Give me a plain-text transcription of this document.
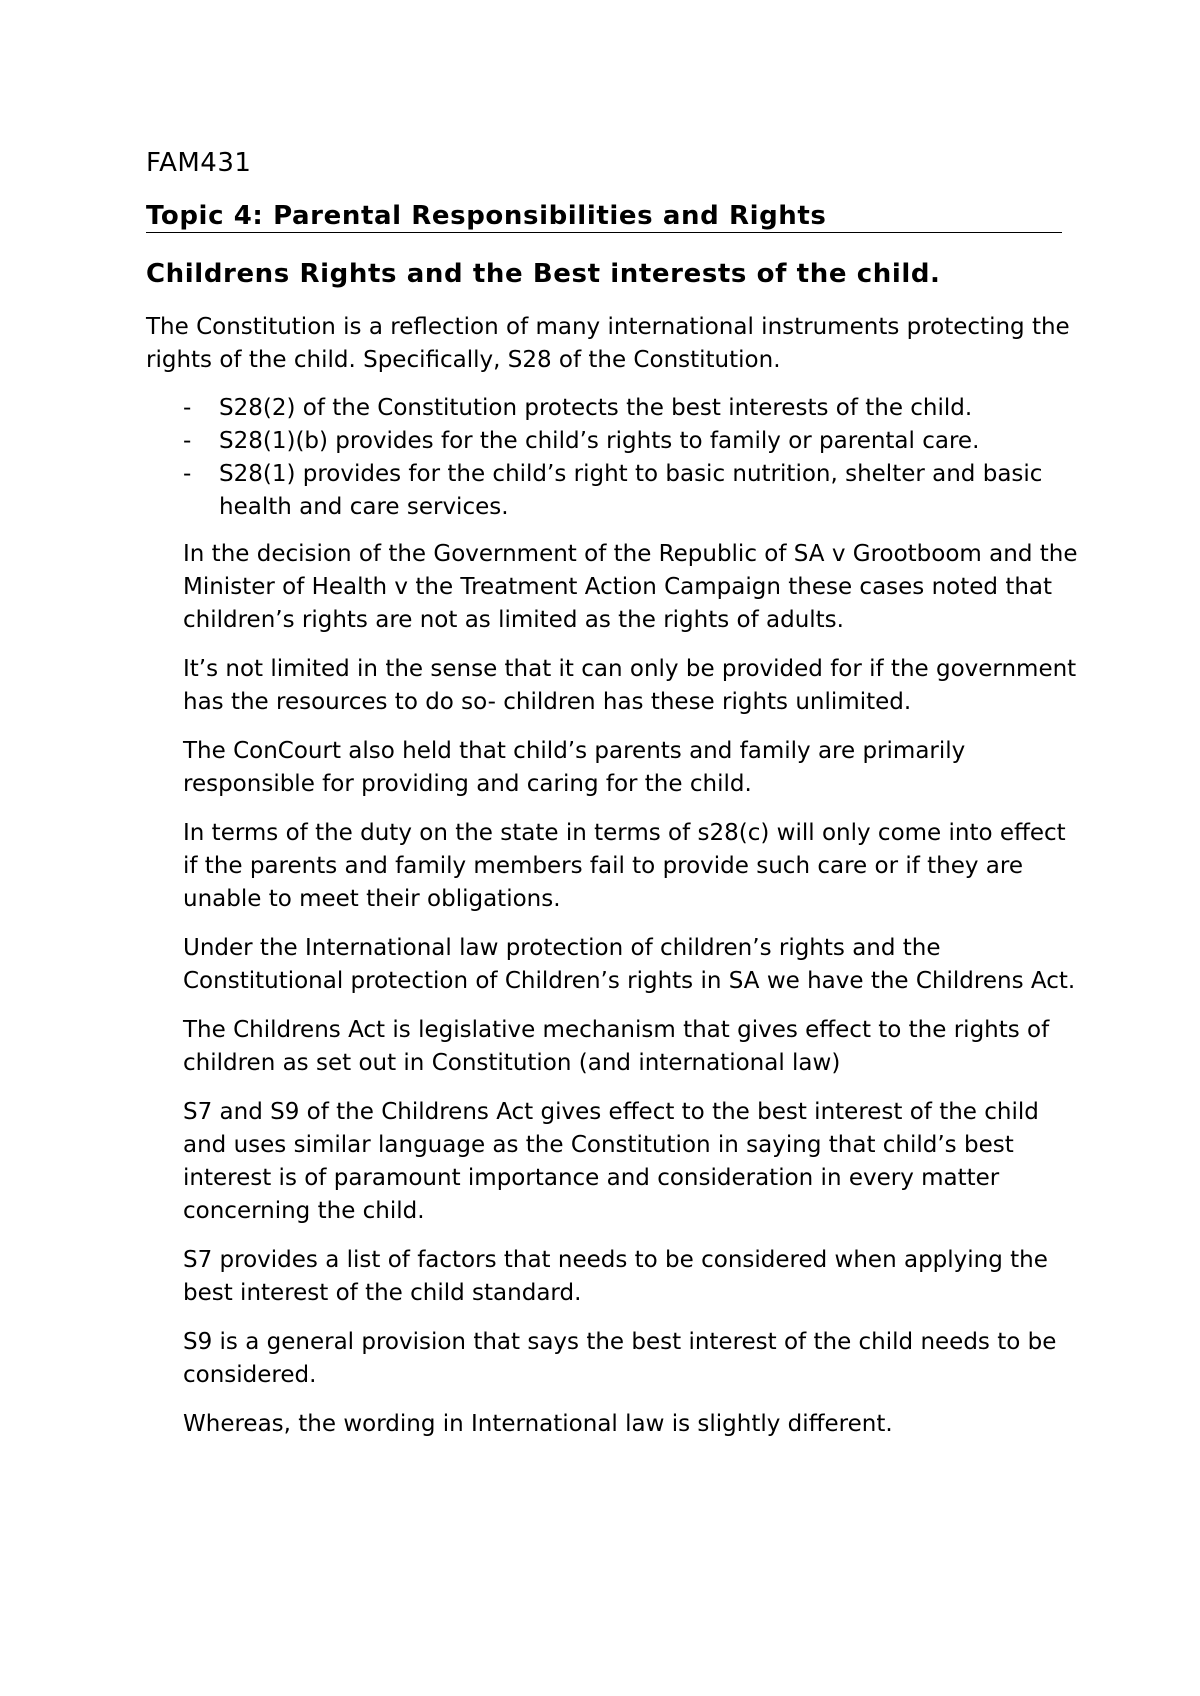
FAM431
Topic 4: Parental Responsibilities and Rights
Childrens Rights and the Best interests of the child.

The Constitution is a reflection of many international instruments protecting the rights of the child. Specifically, S28 of the Constitution.

- S28(2) of the Constitution protects the best interests of the child.
- S28(1)(b) provides for the child’s rights to family or parental care.
- S28(1) provides for the child’s right to basic nutrition, shelter and basic health and care services.

In the decision of the Government of the Republic of SA v Grootboom and the Minister of Health v the Treatment Action Campaign these cases noted that children’s rights are not as limited as the rights of adults.

It’s not limited in the sense that it can only be provided for if the government has the resources to do so- children has these rights unlimited.

The ConCourt also held that child’s parents and family are primarily responsible for providing and caring for the child.

In terms of the duty on the state in terms of s28(c) will only come into effect if the parents and family members fail to provide such care or if they are unable to meet their obligations.

Under the International law protection of children’s rights and the Constitutional protection of Children’s rights in SA we have the Childrens Act.

The Childrens Act is legislative mechanism that gives effect to the rights of children as set out in Constitution (and international law)

S7 and S9 of the Childrens Act gives effect to the best interest of the child and uses similar language as the Constitution in saying that child’s best interest is of paramount importance and consideration in every matter concerning the child.

S7 provides a list of factors that needs to be considered when applying the best interest of the child standard.

S9 is a general provision that says the best interest of the child needs to be considered.

Whereas, the wording in International law is slightly different.
